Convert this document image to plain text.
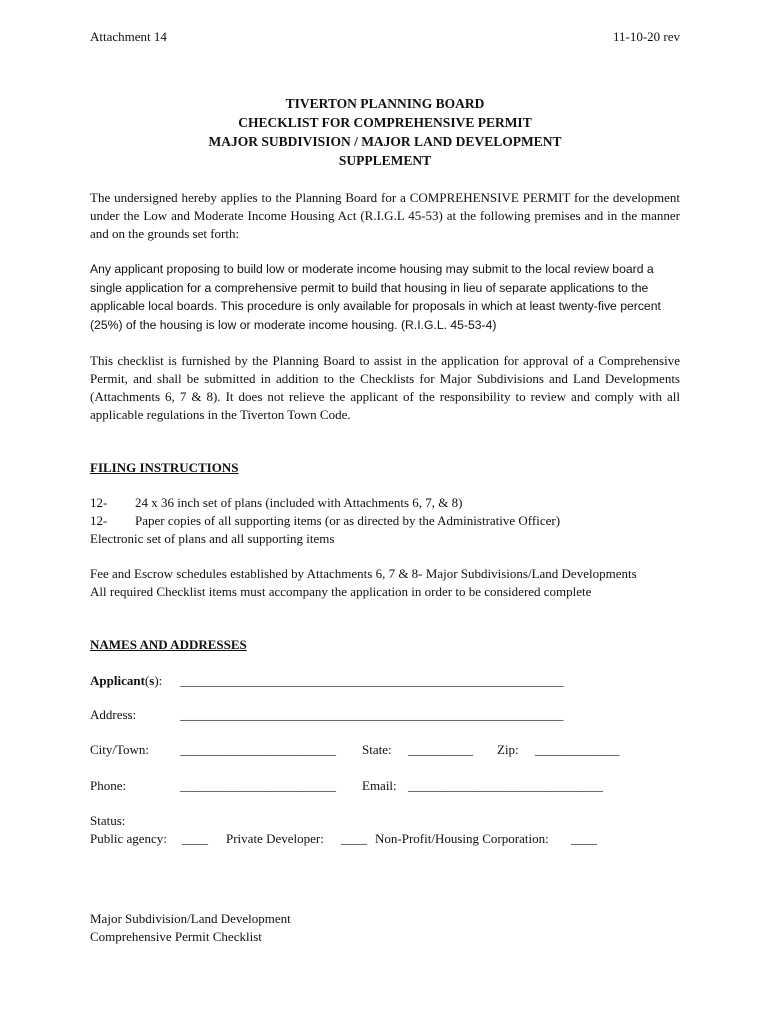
Attachment 14	11-10-20 rev
TIVERTON PLANNING BOARD
CHECKLIST FOR COMPREHENSIVE PERMIT
MAJOR SUBDIVISION / MAJOR LAND DEVELOPMENT
SUPPLEMENT
The undersigned hereby applies to the Planning Board for a COMPREHENSIVE PERMIT for the development under the Low and Moderate Income Housing Act (R.I.G.L 45-53) at the following premises and in the manner and on the grounds set forth:
Any applicant proposing to build low or moderate income housing may submit to the local review board a single application for a comprehensive permit to build that housing in lieu of separate applications to the applicable local boards. This procedure is only available for proposals in which at least twenty-five percent (25%) of the housing is low or moderate income housing. (R.I.G.L. 45-53-4)
This checklist is furnished by the Planning Board to assist in the application for approval of a Comprehensive Permit, and shall be submitted in addition to the Checklists for Major Subdivisions and Land Developments (Attachments 6, 7 & 8). It does not relieve the applicant of the responsibility to review and comply with all applicable regulations in the Tiverton Town Code.
FILING INSTRUCTIONS
12- 24 x 36 inch set of plans (included with Attachments 6, 7, & 8)
12- Paper copies of all supporting items (or as directed by the Administrative Officer)
Electronic set of plans and all supporting items
Fee and Escrow schedules established by Attachments 6, 7 & 8- Major Subdivisions/Land Developments
All required Checklist items must accompany the application in order to be considered complete
NAMES AND ADDRESSES
Applicant(s): ___________________________________________________________
Address:	___________________________________________________________
City/Town: ________________________ State: __________ Zip: _____________
Phone:	________________________ Email: ______________________________
Status:
Public agency: ____ Private Developer: ____ Non-Profit/Housing Corporation: ____
Major Subdivision/Land Development
Comprehensive Permit Checklist
